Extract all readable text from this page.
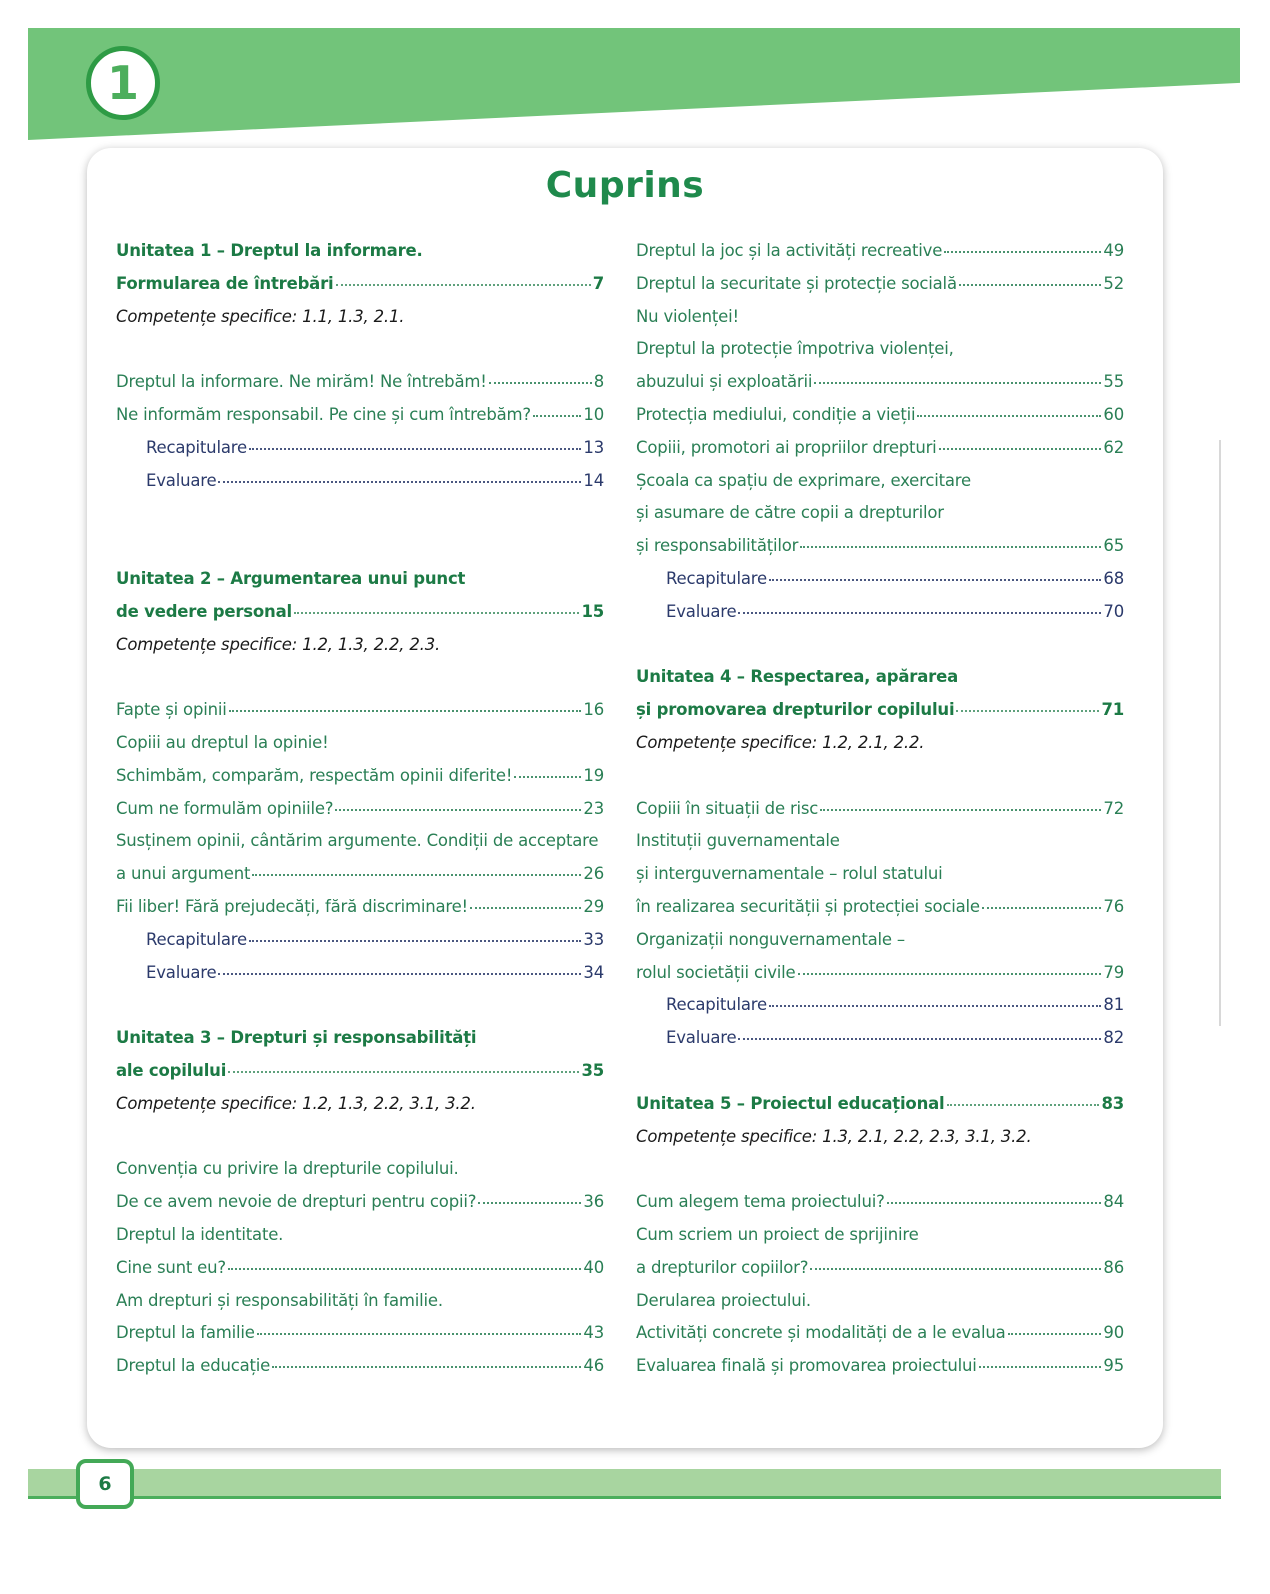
1
Cuprins
Unitatea 1 – Dreptul la informare.
Formularea de întrebări	7
Competențe specifice: 1.1, 1.3, 2.1.
Dreptul la informare. Ne mirăm! Ne întrebăm!	8
Ne informăm responsabil. Pe cine și cum întrebăm?	10
Recapitulare	13
Evaluare	14
Unitatea 2 – Argumentarea unui punct
de vedere personal	15
Competențe specifice: 1.2, 1.3, 2.2, 2.3.
Fapte și opinii	16
Copiii au dreptul la opinie!
Schimbăm, comparăm, respectăm opinii diferite!	19
Cum ne formulăm opiniile?	23
Susținem opinii, cântărim argumente. Condiții de acceptare
a unui argument	26
Fii liber! Fără prejudecăți, fără discriminare!	29
Recapitulare	33
Evaluare	34
Unitatea 3 – Drepturi și responsabilități
ale copilului	35
Competențe specifice: 1.2, 1.3, 2.2, 3.1, 3.2.
Convenția cu privire la drepturile copilului.
De ce avem nevoie de drepturi pentru copii?	36
Dreptul la identitate.
Cine sunt eu?	40
Am drepturi și responsabilități în familie.
Dreptul la familie	43
Dreptul la educație	46
Dreptul la joc și la activități recreative	49
Dreptul la securitate și protecție socială	52
Nu violenței!
Dreptul la protecție împotriva violenței,
abuzului și exploatării	55
Protecția mediului, condiție a vieții	60
Copiii, promotori ai propriilor drepturi	62
Școala ca spațiu de exprimare, exercitare
și asumare de către copii a drepturilor
și responsabilităților	65
Recapitulare	68
Evaluare	70
Unitatea 4 – Respectarea, apărarea
și promovarea drepturilor copilului	71
Competențe specifice: 1.2, 2.1, 2.2.
Copiii în situații de risc	72
Instituții guvernamentale
și interguvernamentale – rolul statului
în realizarea securității și protecției sociale	76
Organizații nonguvernamentale –
rolul societății civile	79
Recapitulare	81
Evaluare	82
Unitatea 5 – Proiectul educațional	83
Competențe specifice: 1.3, 2.1, 2.2, 2.3, 3.1, 3.2.
Cum alegem tema proiectului?	84
Cum scriem un proiect de sprijinire
a drepturilor copiilor?	86
Derularea proiectului.
Activități concrete și modalități de a le evalua	90
Evaluarea finală și promovarea proiectului	95
6
